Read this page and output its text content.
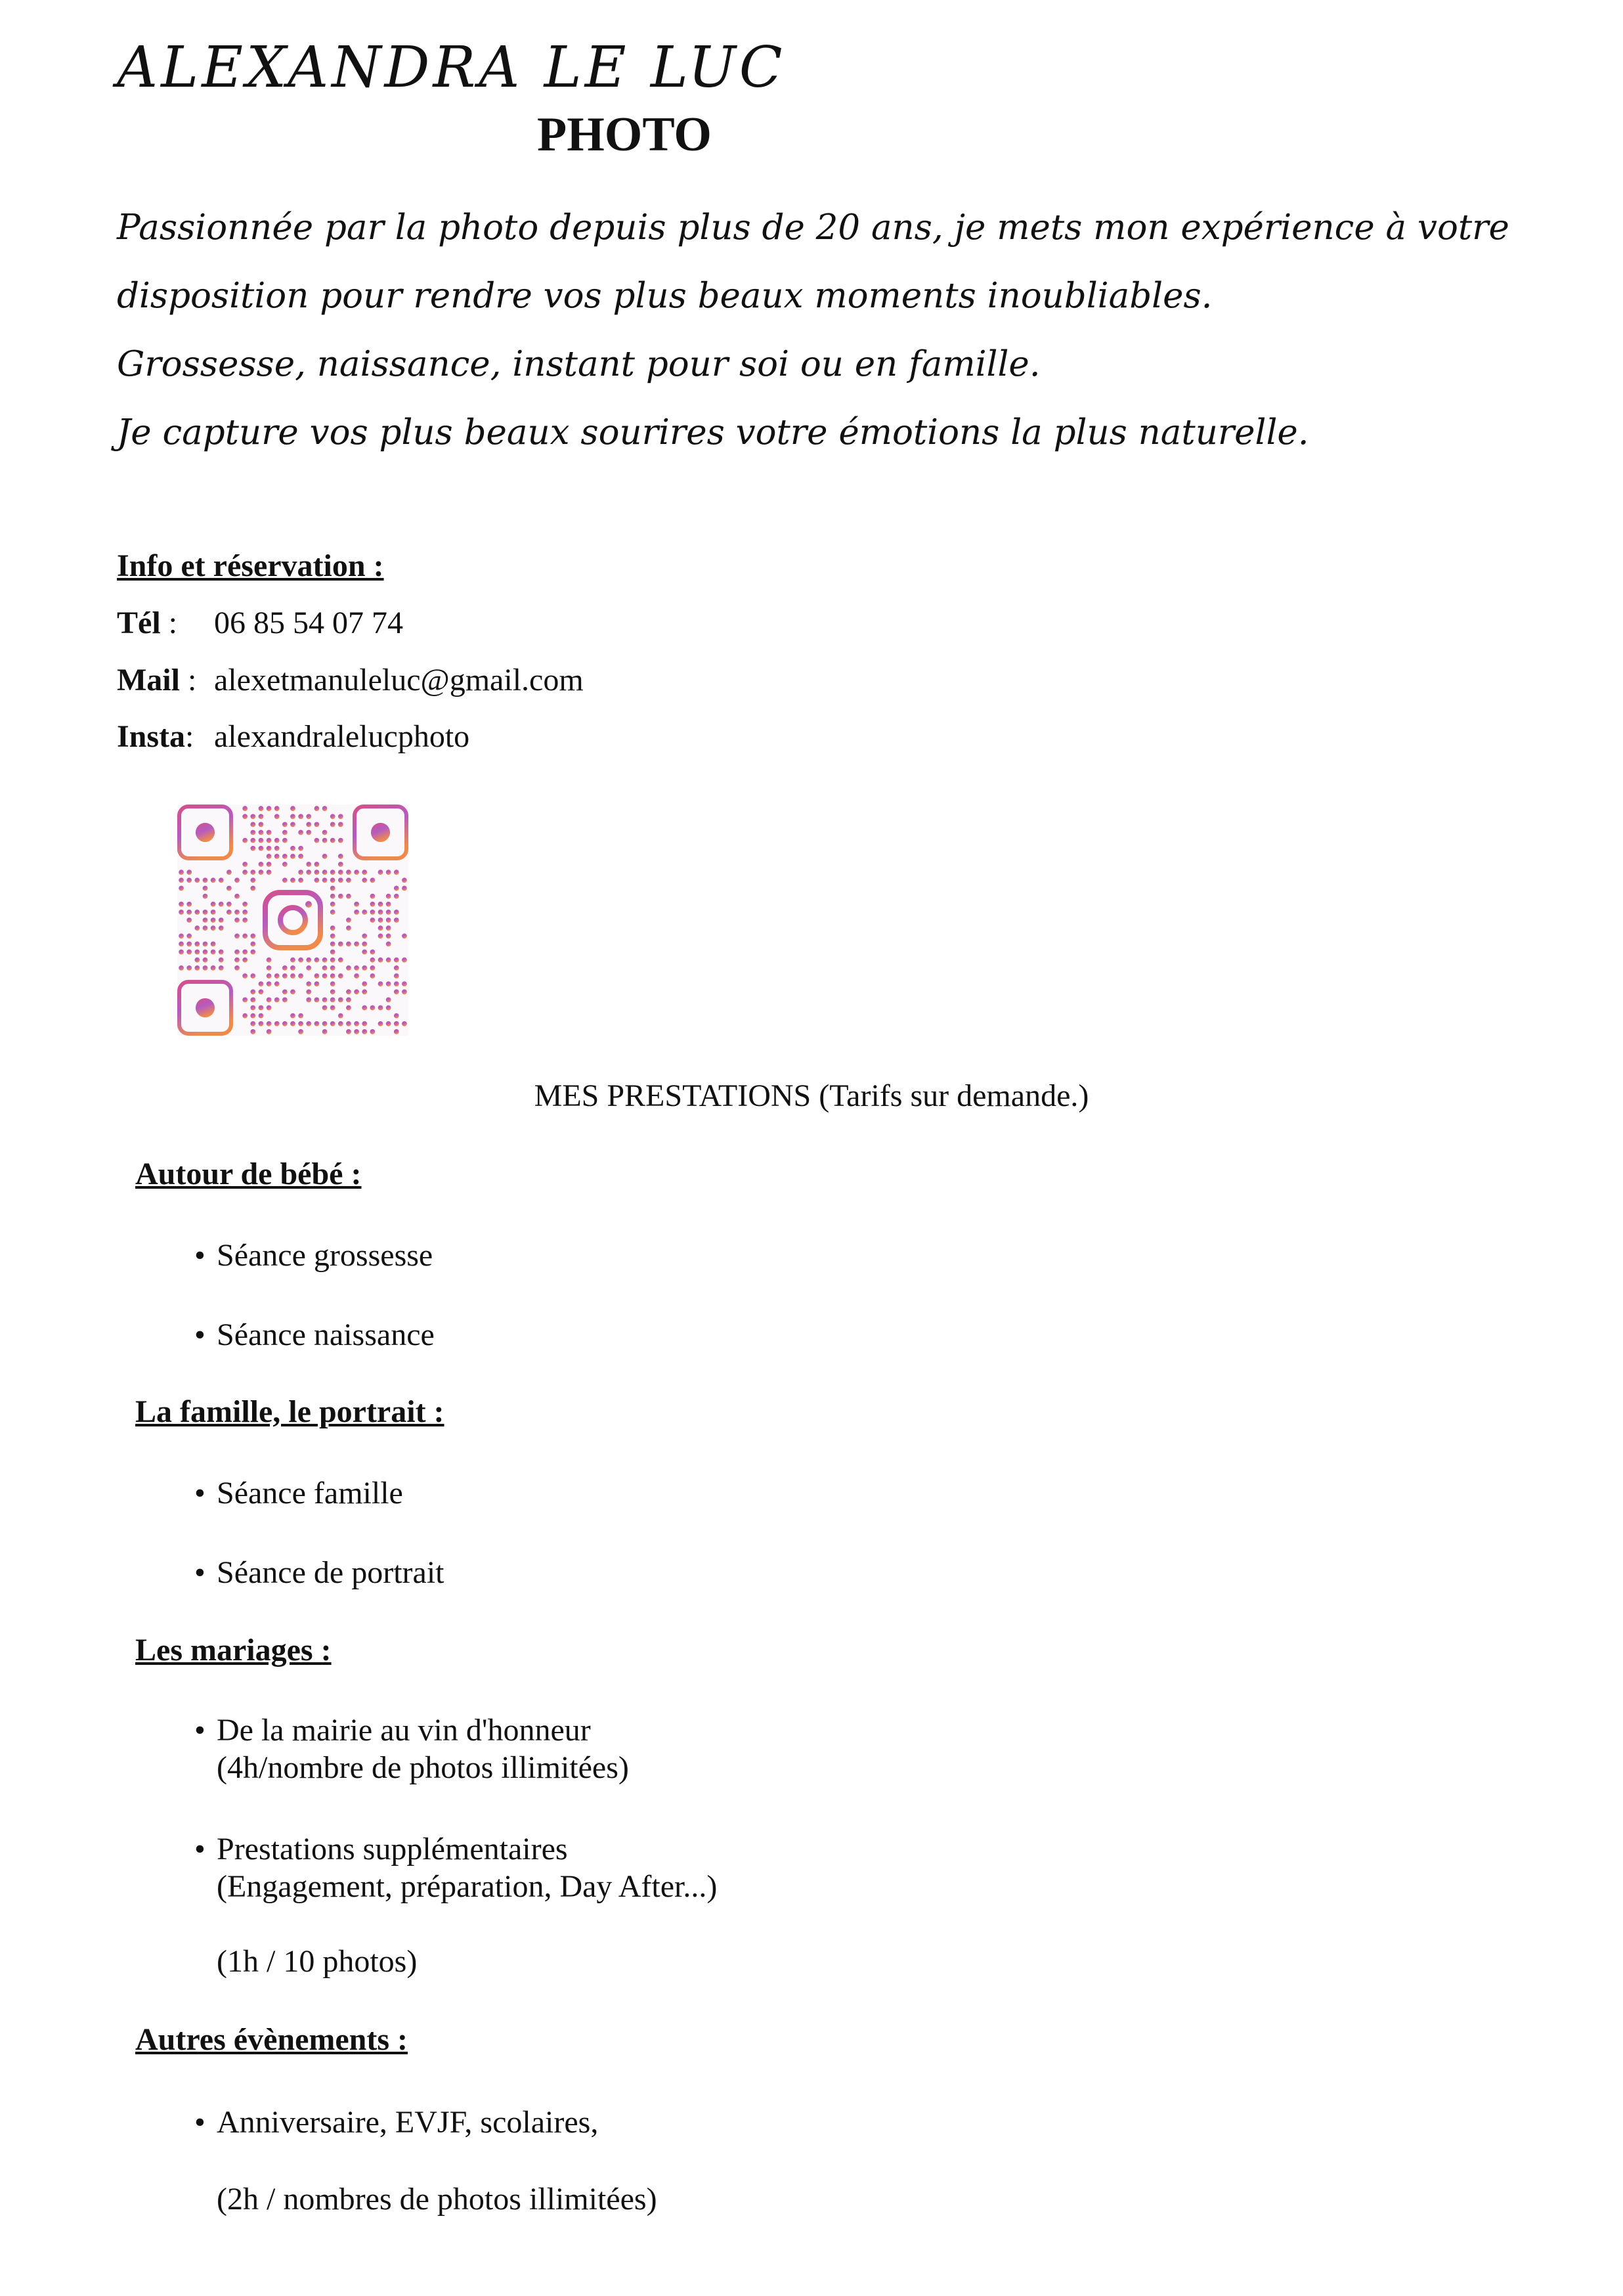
ALEXANDRA LE LUC
PHOTO
Passionnée par la photo depuis plus de 20 ans, je mets mon expérience à votre
disposition pour rendre vos plus beaux moments inoubliables.
Grossesse, naissance, instant pour soi ou en famille.
Je capture vos plus beaux sourires votre émotions la plus naturelle.
Info et réservation :
Tél : 06 85 54 07 74
Mail : alexetmanuleluc@gmail.com
Insta: alexandralelucphoto
MES PRESTATIONS (Tarifs sur demande.)
Autour de bébé :
• Séance grossesse
• Séance naissance
La famille, le portrait :
• Séance famille
• Séance de portrait
Les mariages :
• De la mairie au vin d'honneur
(4h/nombre de photos illimitées)
• Prestations supplémentaires
(Engagement, préparation, Day After...)
(1h / 10 photos)
Autres évènements :
• Anniversaire, EVJF, scolaires,
(2h / nombres de photos illimitées)
